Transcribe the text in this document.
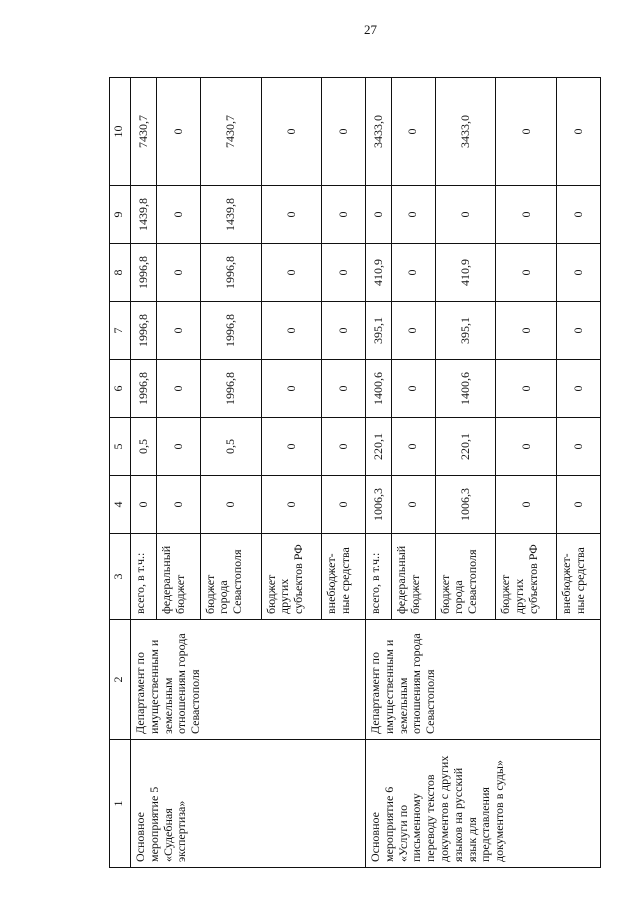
27
1	2	3	4	5	6	7	8	9	10
Основное мероприятие 5 «Судебная экспертиза»	Департамент по имущественным и земельным отношениям города Севастополя	всего, в т.ч.:	0	0,5	1996,8	1996,8	1996,8	1439,8	7430,7
		федеральный бюджет	0	0	0	0	0	0	0
		бюджет города Севастополя	0	0,5	1996,8	1996,8	1996,8	1439,8	7430,7
		бюджет других субъектов РФ	0	0	0	0	0	0	0
		внебюджет-ные средства	0	0	0	0	0	0	0
Основное мероприятие 6 «Услуги по письменному переводу текстов документов с других языков на русский язык для представления документов в суды»	Департамент по имущественным и земельным отношениям города Севастополя	всего, в т.ч.:	1006,3	220,1	1400,6	395,1	410,9	0	3433,0
		федеральный бюджет	0	0	0	0	0	0	0
		бюджет города Севастополя	1006,3	220,1	1400,6	395,1	410,9	0	3433,0
		бюджет других субъектов РФ	0	0	0	0	0	0	0
		внебюджет-ные средства	0	0	0	0	0	0	0
